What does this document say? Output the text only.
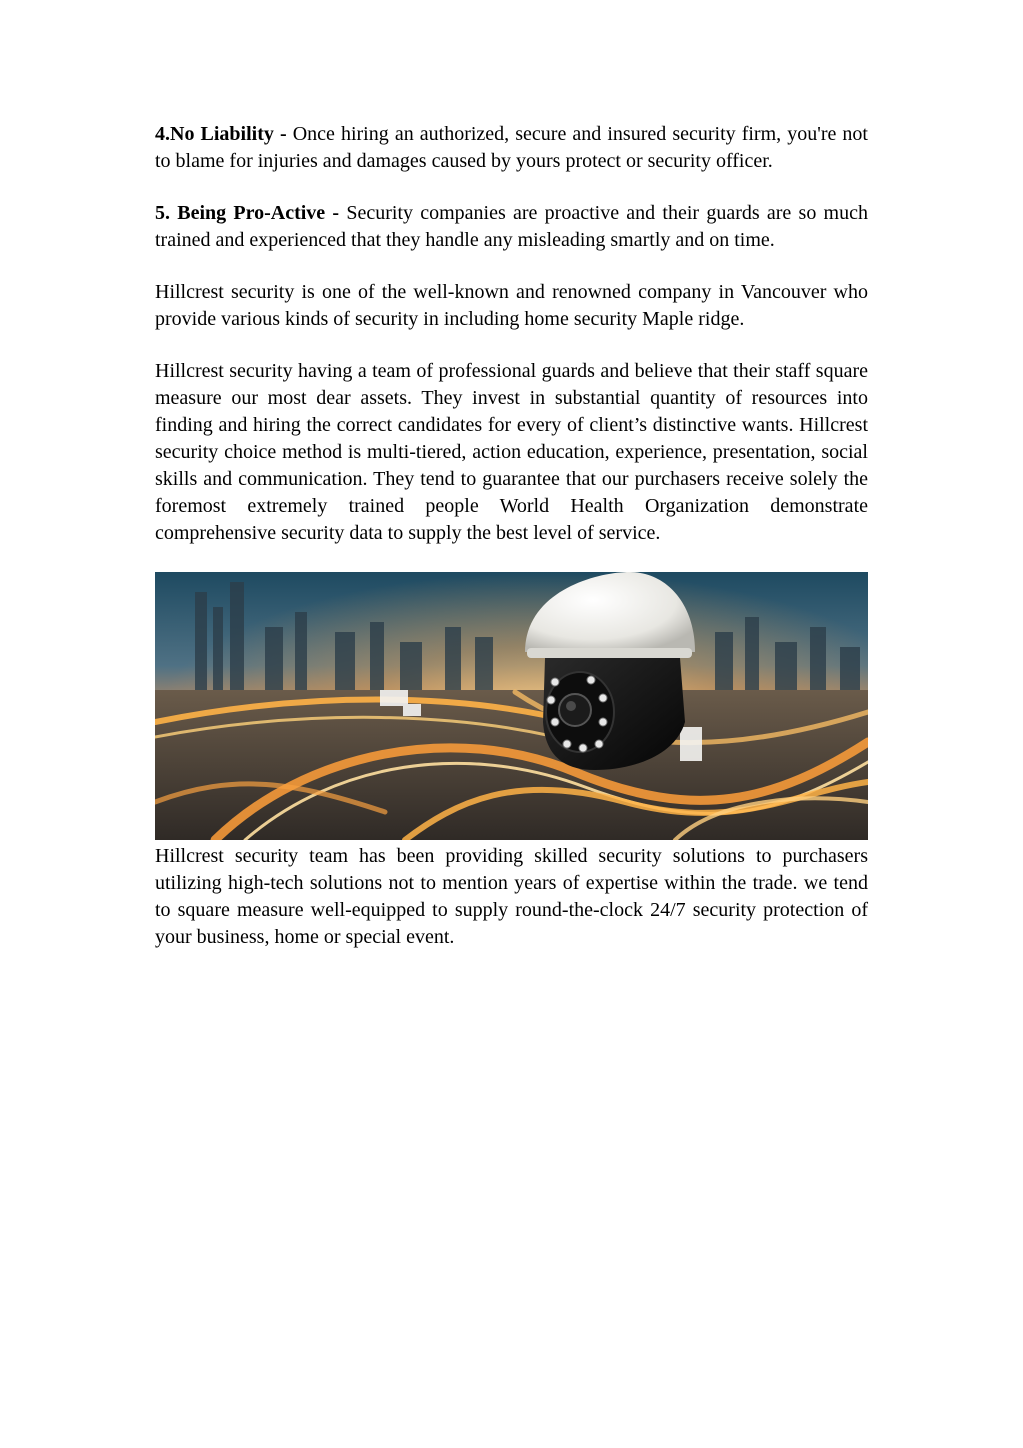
4.No Liability - Once hiring an authorized, secure and insured security firm, you're not to blame for injuries and damages caused by yours protect or security officer.

5. Being Pro-Active - Security companies are proactive and their guards are so much trained and experienced that they handle any misleading smartly and on time.

Hillcrest security is one of the well-known and renowned company in Vancouver who provide various kinds of security in including home security Maple ridge.

Hillcrest security having a team of professional guards and believe that their staff square measure our most dear assets. They invest in substantial quantity of resources into finding and hiring the correct candidates for every of client’s distinctive wants. Hillcrest security choice method is multi-tiered, action education, experience, presentation, social skills and communication. They tend to guarantee that our purchasers receive solely the foremost extremely trained people World Health Organization demonstrate comprehensive security data to supply the best level of service.

Hillcrest security team has been providing skilled security solutions to purchasers utilizing high-tech solutions not to mention years of expertise within the trade. we tend to square measure well-equipped to supply round-the-clock 24/7 security protection of your business, home or special event.
